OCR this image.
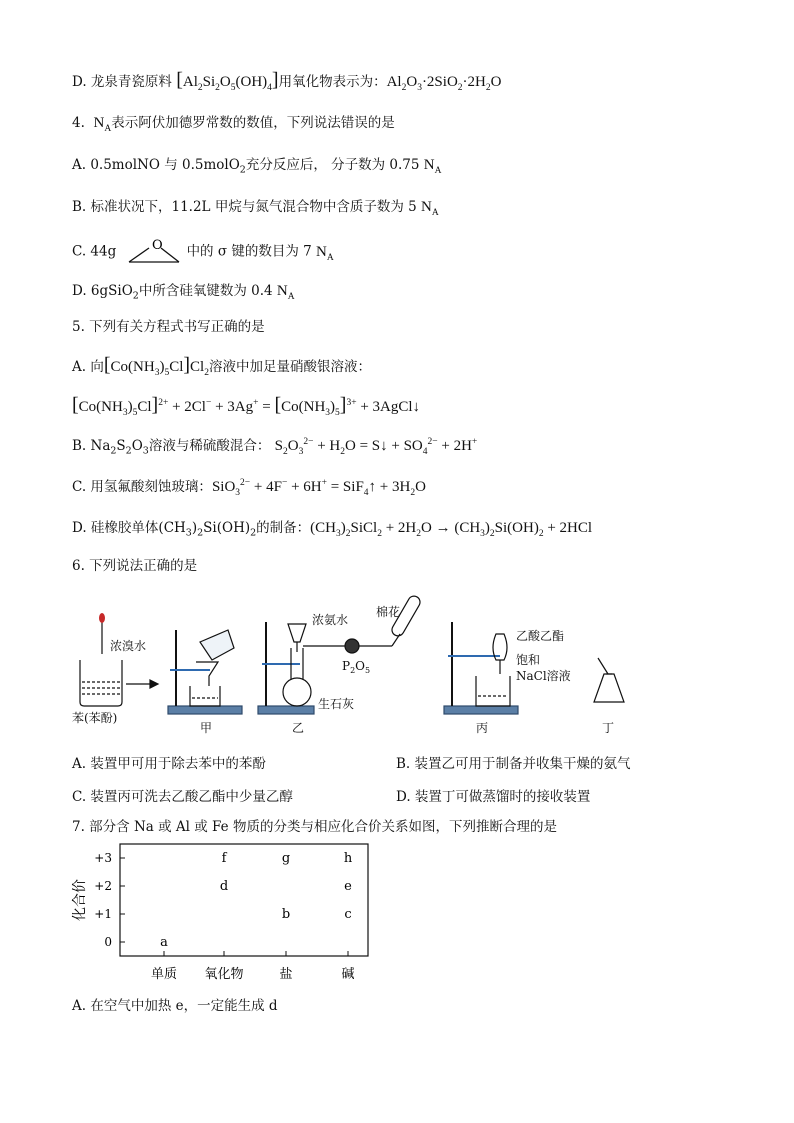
D. 龙泉青瓷原料 $[Al_2Si_2O_5(OH)_4]$用氧化物表示为：$Al_2O_3\cdot 2SiO_2\cdot 2H_2O$
4. $N_A$表示阿伏加德罗常数的数值，下列说法错误的是
A. 0.5molNO 与 0.5molO$_2$充分反应后， 分子数为 0.75 $N_A$
B. 标准状况下，11.2L 甲烷与氮气混合物中含质子数为 5 $N_A$
C. 44g	O 中的 σ 键的数目为 7 $N_A$
D. 6gSiO$_2$中所含硅氧键数为 0.4 $N_A$
5. 下列有关方程式书写正确的是
A. 向$[Co(NH_3)_5Cl]Cl_2$溶液中加足量硝酸银溶液：
$[Co(NH_3)_5Cl]^{2+} + 2Cl^- + 3Ag^+ = [Co(NH_3)_5]^{3+}$ + 3AgCl↓
B. $Na_2S_2O_3$溶液与稀硫酸混合： $S_2O_3^{2-} + H_2O$ = S↓ + $SO_4^{2-} + 2H^+$
C. 用氢氟酸刻蚀玻璃：SiO$_3^{2-}$ + 4F− + 6H+ = SiF$_4$↑ + $3H_2O$
D. 硅橡胶单体$(CH_3)_2Si(OH)_2$的制备：$(CH_3)_2SiCl_2 + 2H_2O \to (CH_3)_2Si(OH)_2 + 2HCl$
6. 下列说法正确的是
浓溴水
苯(苯酚)
甲
浓氨水
棉花
$P_2O_5$
生石灰
乙
乙酸乙酯
饱和
NaCl溶液
丙	丁
A. 装置甲可用于除去苯中的苯酚	B. 装置乙可用于制备并收集干燥的氨气
C. 装置丙可洗去乙酸乙酯中少量乙醇	D. 装置丁可做蒸馏时的接收装置
7. 部分含 Na 或 Al 或 Fe 物质的分类与相应化合价关系如图，下列推断合理的是
化合价
+3
+2
+1
0
单质 氧化物	盐	碱
a
f
d
g
b
h
e
c
A. 在空气中加热 e，一定能生成 d
